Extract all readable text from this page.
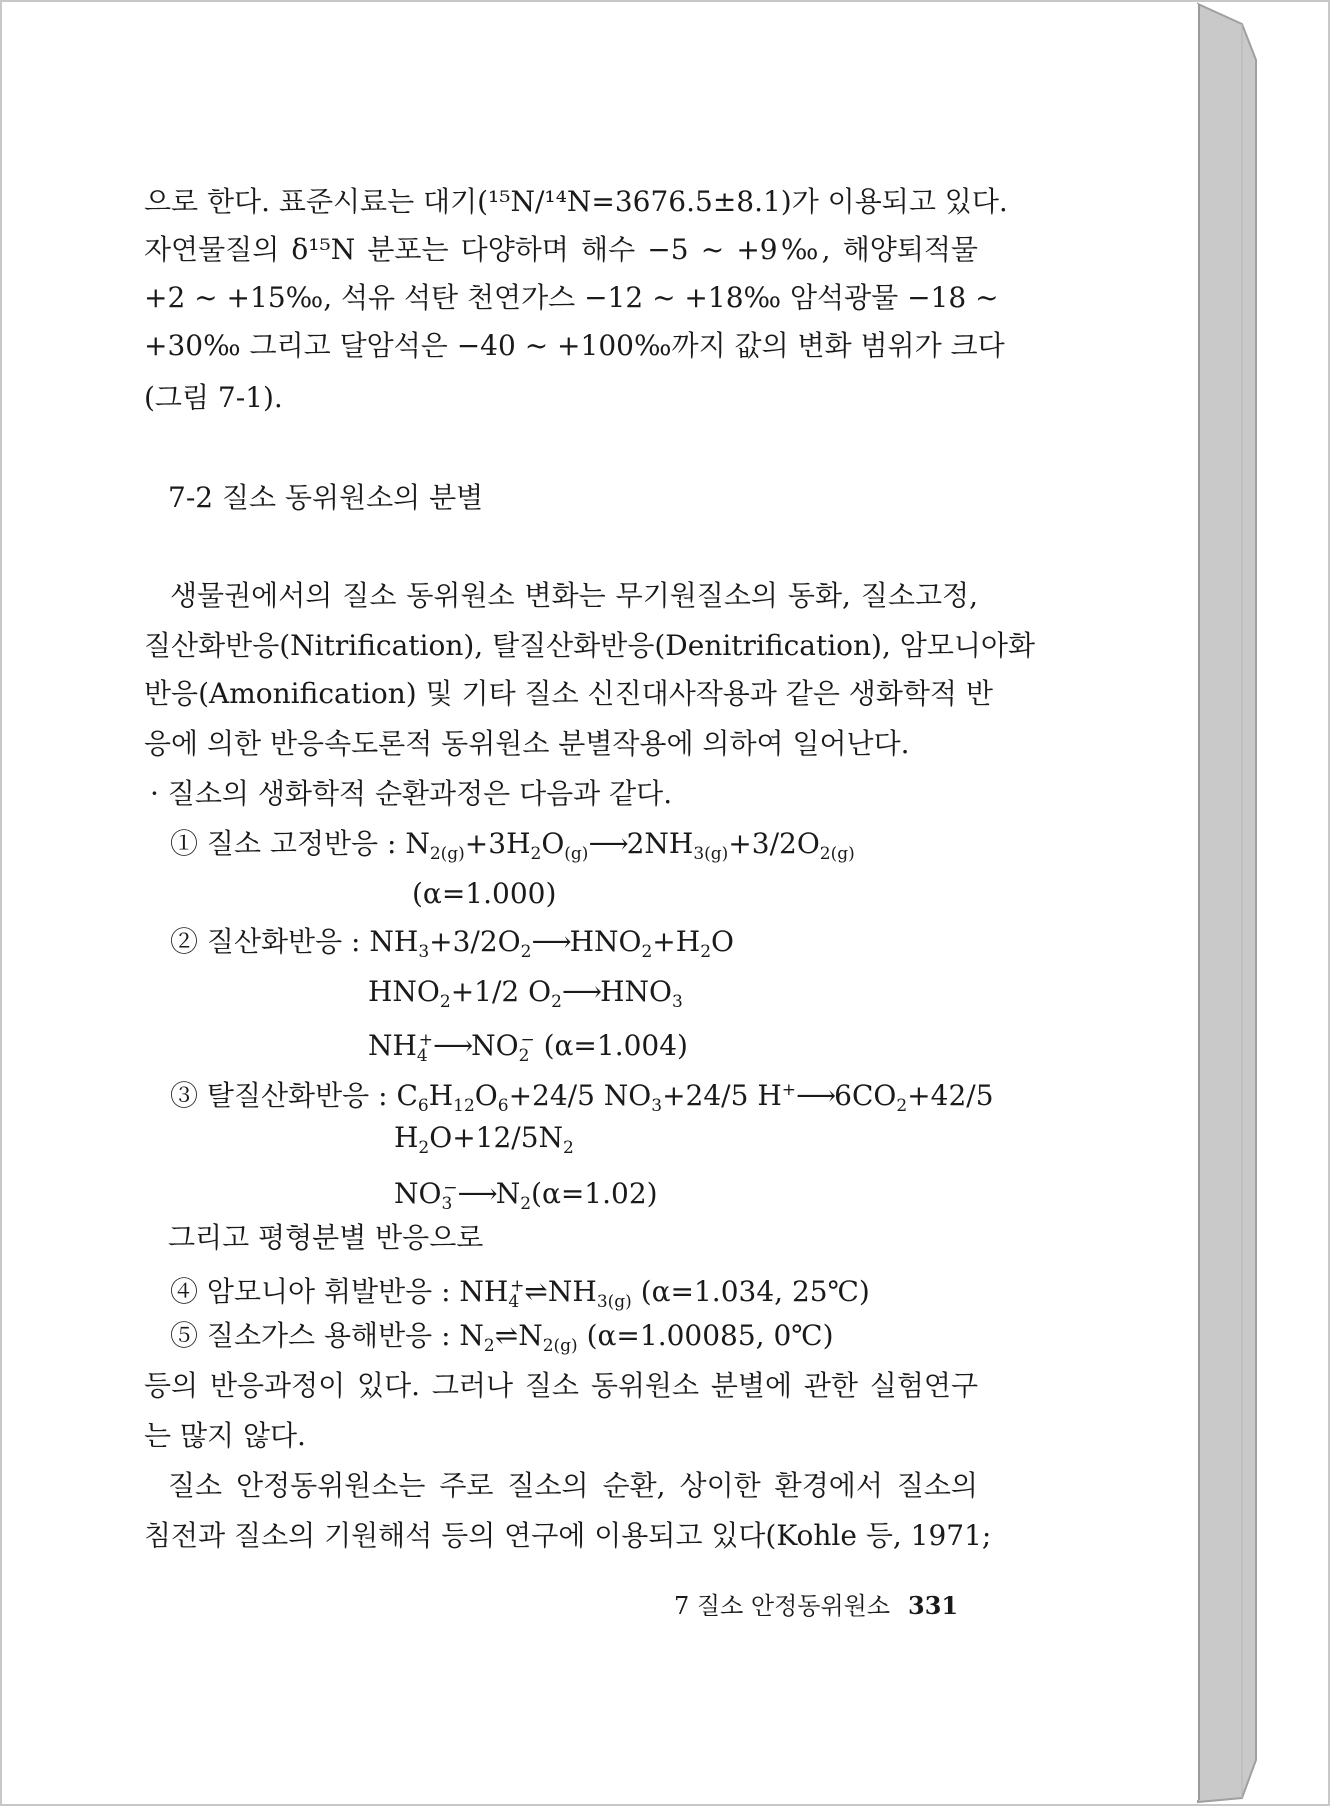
으로 한다. 표준시료는 대기(¹⁵N/¹⁴N=3676.5±8.1)가 이용되고 있다.
자연물질의 δ¹⁵N 분포는 다양하며 해수 −5 ~ +9‰, 해양퇴적물
+2 ~ +15‰, 석유 석탄 천연가스 −12 ~ +18‰ 암석광물 −18 ~
+30‰ 그리고 달암석은 −40 ~ +100‰까지 값의 변화 범위가 크다
(그림 7-1).
7-2 질소 동위원소의 분별
생물권에서의 질소 동위원소 변화는 무기원질소의 동화, 질소고정,
질산화반응(Nitrification), 탈질산화반응(Denitrification), 암모니아화
반응(Amonification) 및 기타 질소 신진대사작용과 같은 생화학적 반
응에 의한 반응속도론적 동위원소 분별작용에 의하여 일어난다.
· 질소의 생화학적 순환과정은 다음과 같다.
① 질소 고정반응 : $N_{2(g)}+3H_2O_{(g)}⟶2NH_{3(g)}+3/2O_{2(g)}$
(α=1.000)
② 질산화반응 : $NH_3+3/2O_2⟶HNO_2+H_2O$
$HNO_2+1/2$ $O_2⟶HNO_3$
$NH_4^+⟶NO_2^-$ (α=1.004)
③ 탈질산화반응 : $C_6H_{12}O_6+24/5$ $NO_3+24/5$ $H^+⟶6CO_2+42/5$
$H_2O+12/5N_2$
$NO_3^-⟶N_2(\alpha=1.02)$
그리고 평형분별 반응으로
④ 암모니아 휘발반응 : $NH_4^+\rightleftharpoons NH_{3(g)}$ (α=1.034, 25℃)
⑤ 질소가스 용해반응 : $N_2\rightleftharpoons N_{2(g)}$ (α=1.00085, 0℃)
등의 반응과정이 있다. 그러나 질소 동위원소 분별에 관한 실험연구
는 많지 않다.
질소 안정동위원소는 주로 질소의 순환, 상이한 환경에서 질소의
침전과 질소의 기원해석 등의 연구에 이용되고 있다(Kohle 등, 1971;
7 질소 안정동위원소 331
